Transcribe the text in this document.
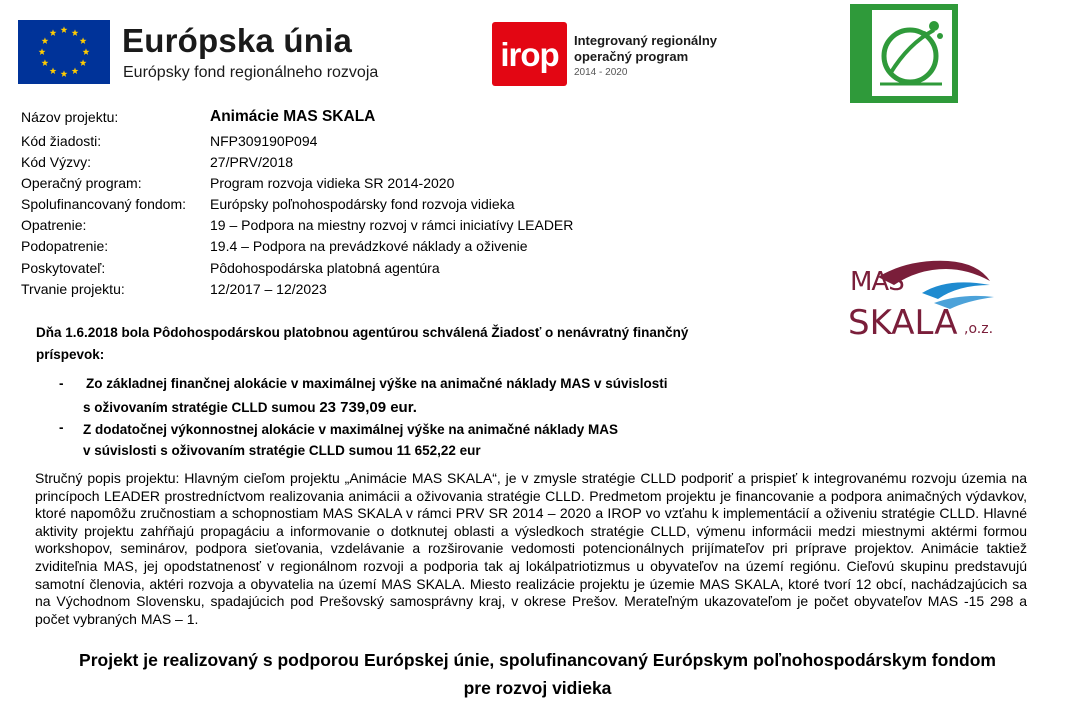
Európska únia
Európsky fond regionálneho rozvoja	irop	Integrovaný regionálny
operačný program
2014 - 2020
LEADER
Názov projektu:	Animácie MAS SKALA
Kód žiadosti:	NFP309190P094
Kód Výzvy:	27/PRV/2018
Operačný program:	Program rozvoja vidieka SR 2014-2020
Spolufinancovaný fondom: Európsky poľnohospodársky fond rozvoja vidieka
Opatrenie:	19 – Podpora na miestny rozvoj v rámci iniciatívy LEADER
Podopatrenie:	19.4 – Podpora na prevádzkové náklady a oživenie
Poskytovateľ:	Pôdohospodárska platobná agentúra
Trvanie projektu:	12/2017 – 12/2023	MAS
SKALA ,o.z.
Dňa 1.6.2018 bola Pôdohospodárskou platobnou agentúrou schválená Žiadosť o nenávratný finančný
príspevok:
- Zo základnej finančnej alokácie v maximálnej výške na animačné náklady MAS v súvislosti
s oživovaním stratégie CLLD sumou 23 739,09 eur.
- Z dodatočnej výkonnostnej alokácie v maximálnej výške na animačné náklady MAS
v súvislosti s oživovaním stratégie CLLD sumou 11 652,22 eur
Stručný popis projektu: Hlavným cieľom projektu „Animácie MAS SKALA“, je v zmysle stratégie CLLD podporiť a prispieť k integrovanému rozvoju územia na princípoch LEADER prostredníctvom realizovania animácii a oživovania stratégie CLLD. Predmetom projektu je financovanie a podpora animačných výdavkov, ktoré napomôžu zručnostiam a schopnostiam MAS SKALA v rámci PRV SR 2014 – 2020 a IROP vo vzťahu k implementácií a oživeniu stratégie CLLD. Hlavné aktivity projektu zahŕňajú propagáciu a informovanie o dotknutej oblasti a výsledkoch stratégie CLLD, výmenu informácii medzi miestnymi aktérmi formou workshopov, seminárov, podpora sieťovania, vzdelávanie a rozširovanie vedomosti potencionálnych prijímateľov pri príprave projektov. Animácie taktiež zviditeľnia MAS, jej opodstatnenosť v regionálnom rozvoji a podporia tak aj lokálpatriotizmus u obyvateľov na území regiónu. Cieľovú skupinu predstavujú samotní členovia, aktéri rozvoja a obyvatelia na území MAS SKALA. Miesto realizácie projektu je územie MAS SKALA, ktoré tvorí 12 obcí, nachádzajúcich sa na Východnom Slovensku, spadajúcich pod Prešovský samosprávny kraj, v okrese Prešov. Merateľným ukazovateľom je počet obyvateľov MAS -15 298 a počet vybraných MAS – 1.
Projekt je realizovaný s podporou Európskej únie, spolufinancovaný Európskym poľnohospodárskym fondom
pre rozvoj vidieka
